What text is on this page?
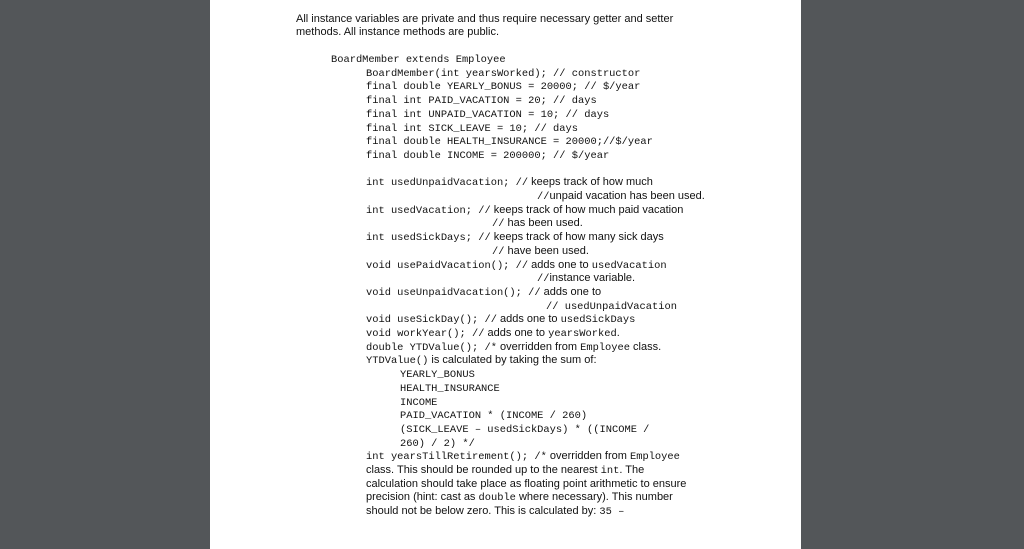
All instance variables are private and thus require necessary getter and setter methods. All instance methods are public.
BoardMember extends Employee
BoardMember(int yearsWorked); // constructor
final double YEARLY_BONUS = 20000; // $/year
final int PAID_VACATION = 20; // days
final int UNPAID_VACATION = 10; // days
final int SICK_LEAVE = 10; // days
final double HEALTH_INSURANCE = 20000;//$/year
final double INCOME = 200000; // $/year
int usedUnpaidVacation; // keeps track of how much
//unpaid vacation has been used.
int usedVacation; // keeps track of how much paid vacation
// has been used.
int usedSickDays; // keeps track of how many sick days
// have been used.
void usePaidVacation(); // adds one to usedVacation
//instance variable.
void useUnpaidVacation(); // adds one to
// usedUnpaidVacation
void useSickDay(); // adds one to usedSickDays
void workYear(); // adds one to yearsWorked.
double YTDValue(); /* overridden from Employee class.
YTDValue() is calculated by taking the sum of:
YEARLY_BONUS
HEALTH_INSURANCE
INCOME
PAID_VACATION * (INCOME / 260)
(SICK_LEAVE – usedSickDays) * ((INCOME /
260) / 2) */
int yearsTillRetirement(); /* overridden from Employee
class. This should be rounded up to the nearest int. The
calculation should take place as floating point arithmetic to ensure
precision (hint: cast as double where necessary). This number
should not be below zero. This is calculated by: 35 –
